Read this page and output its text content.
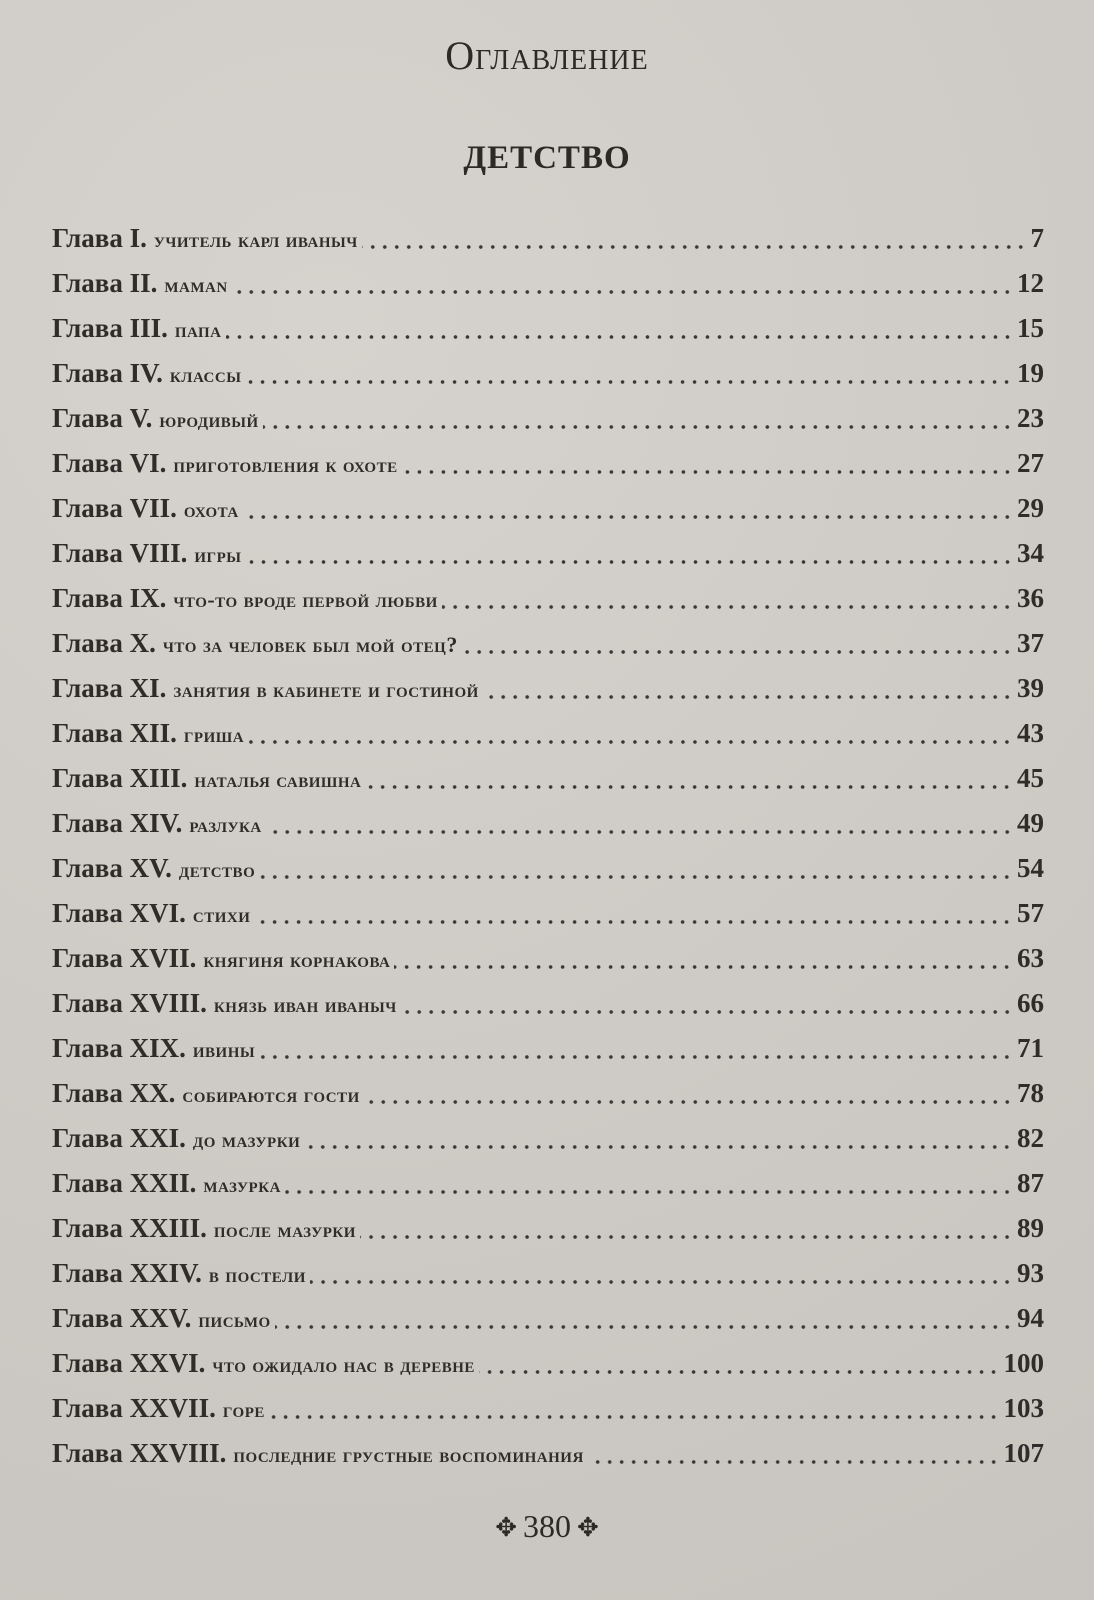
Оглавление
ДЕТСТВО
Глава I. учитель карл иваныч	7
Глава II. maman	12
Глава III. папа	15
Глава IV. классы	19
Глава V. юродивый	23
Глава VI. приготовления к охоте	27
Глава VII. охота	29
Глава VIII. игры	34
Глава IX. что-то вроде первой любви	36
Глава X. что за человек был мой отец?	37
Глава XI. занятия в кабинете и гостиной	39
Глава XII. гриша	43
Глава XIII. наталья савишна	45
Глава XIV. разлука	49
Глава XV. детство	54
Глава XVI. стихи	57
Глава XVII. княгиня корнакова	63
Глава XVIII. князь иван иваныч	66
Глава XIX. ивины	71
Глава XX. собираются гости	78
Глава XXI. до мазурки	82
Глава XXII. мазурка	87
Глава XXIII. после мазурки	89
Глава XXIV. в постели	93
Глава XXV. письмо	94
Глава XXVI. что ожидало нас в деревне	100
Глава XXVII. горе	103
Глава XXVIII. последние грустные воспоминания	107
✥ 380 ✥
